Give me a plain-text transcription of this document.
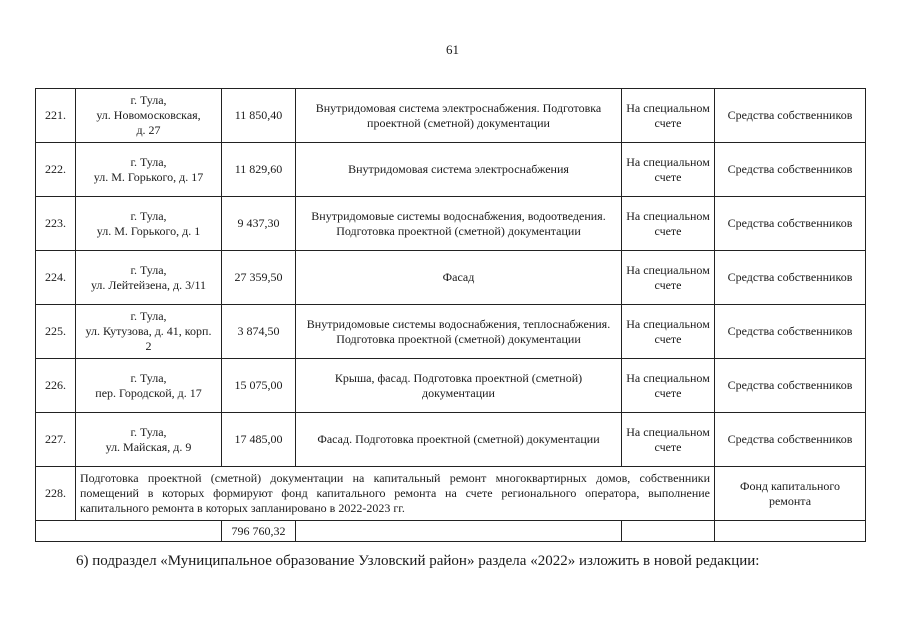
61
221.	г. Тула,
ул. Новомосковская,
д. 27	11 850,40	Внутридомовая система электроснабжения. Подготовка проектной (сметной) документации	На специальном счете	Средства собственников
222.	г. Тула,
ул. М. Горького, д. 17	11 829,60	Внутридомовая система электроснабжения	На специальном счете	Средства собственников
223.	г. Тула,
ул. М. Горького, д. 1	9 437,30	Внутридомовые системы водоснабжения, водоотведения. Подготовка проектной (сметной) документации	На специальном счете	Средства собственников
224.	г. Тула,
ул. Лейтейзена, д. 3/11	27 359,50	Фасад	На специальном счете	Средства собственников
225.	г. Тула,
ул. Кутузова, д. 41, корп.
2	3 874,50	Внутридомовые системы водоснабжения, теплоснабжения. Подготовка проектной (сметной) документации	На специальном счете	Средства собственников
226.	г. Тула,
пер. Городской, д. 17	15 075,00	Крыша, фасад. Подготовка проектной (сметной) документации	На специальном счете	Средства собственников
227.	г. Тула,
ул. Майская, д. 9	17 485,00	Фасад. Подготовка проектной (сметной) документации	На специальном счете	Средства собственников
228.	Подготовка проектной (сметной) документации на капитальный ремонт многоквартирных домов, собственники помещений в которых формируют фонд капитального ремонта на счете регионального оператора, выполнение капитального ремонта в которых запланировано в 2022-2023 гг.				Фонд капитального ремонта
		796 760,32			
6) подраздел «Муниципальное образование Узловский район» раздела «2022» изложить в новой редакции:
